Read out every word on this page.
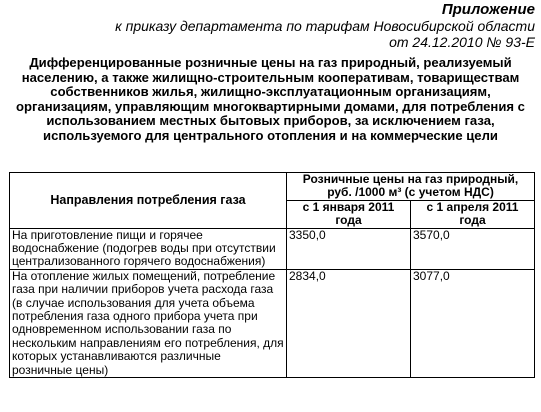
Приложение
к приказу департамента по тарифам Новосибирской области
от 24.12.2010 № 93-Е
Дифференцированные розничные цены на газ природный, реализуемый населению, а также жилищно-строительным кооперативам, товариществам собственников жилья, жилищно-эксплуатационным организациям, организациям, управляющим многоквартирными домами, для потребления с использованием местных бытовых приборов, за исключением газа, используемого для центрального отопления и на коммерческие цели
Направления потребления газа	Розничные цены на газ природный, руб. /1000 м³ (с учетом НДС)	
	с 1 января 2011 года	с 1 апреля 2011 года
На приготовление пищи и горячее водоснабжение (подогрев воды при отсутствии централизованного горячего водоснабжения)	3350,0	3570,0
На отопление жилых помещений, потребление газа при наличии приборов учета расхода газа (в случае использования для учета объема потребления газа одного прибора учета при одновременном использовании газа по нескольким направлениям его потребления, для которых устанавливаются различные розничные цены)	2834,0	3077,0
